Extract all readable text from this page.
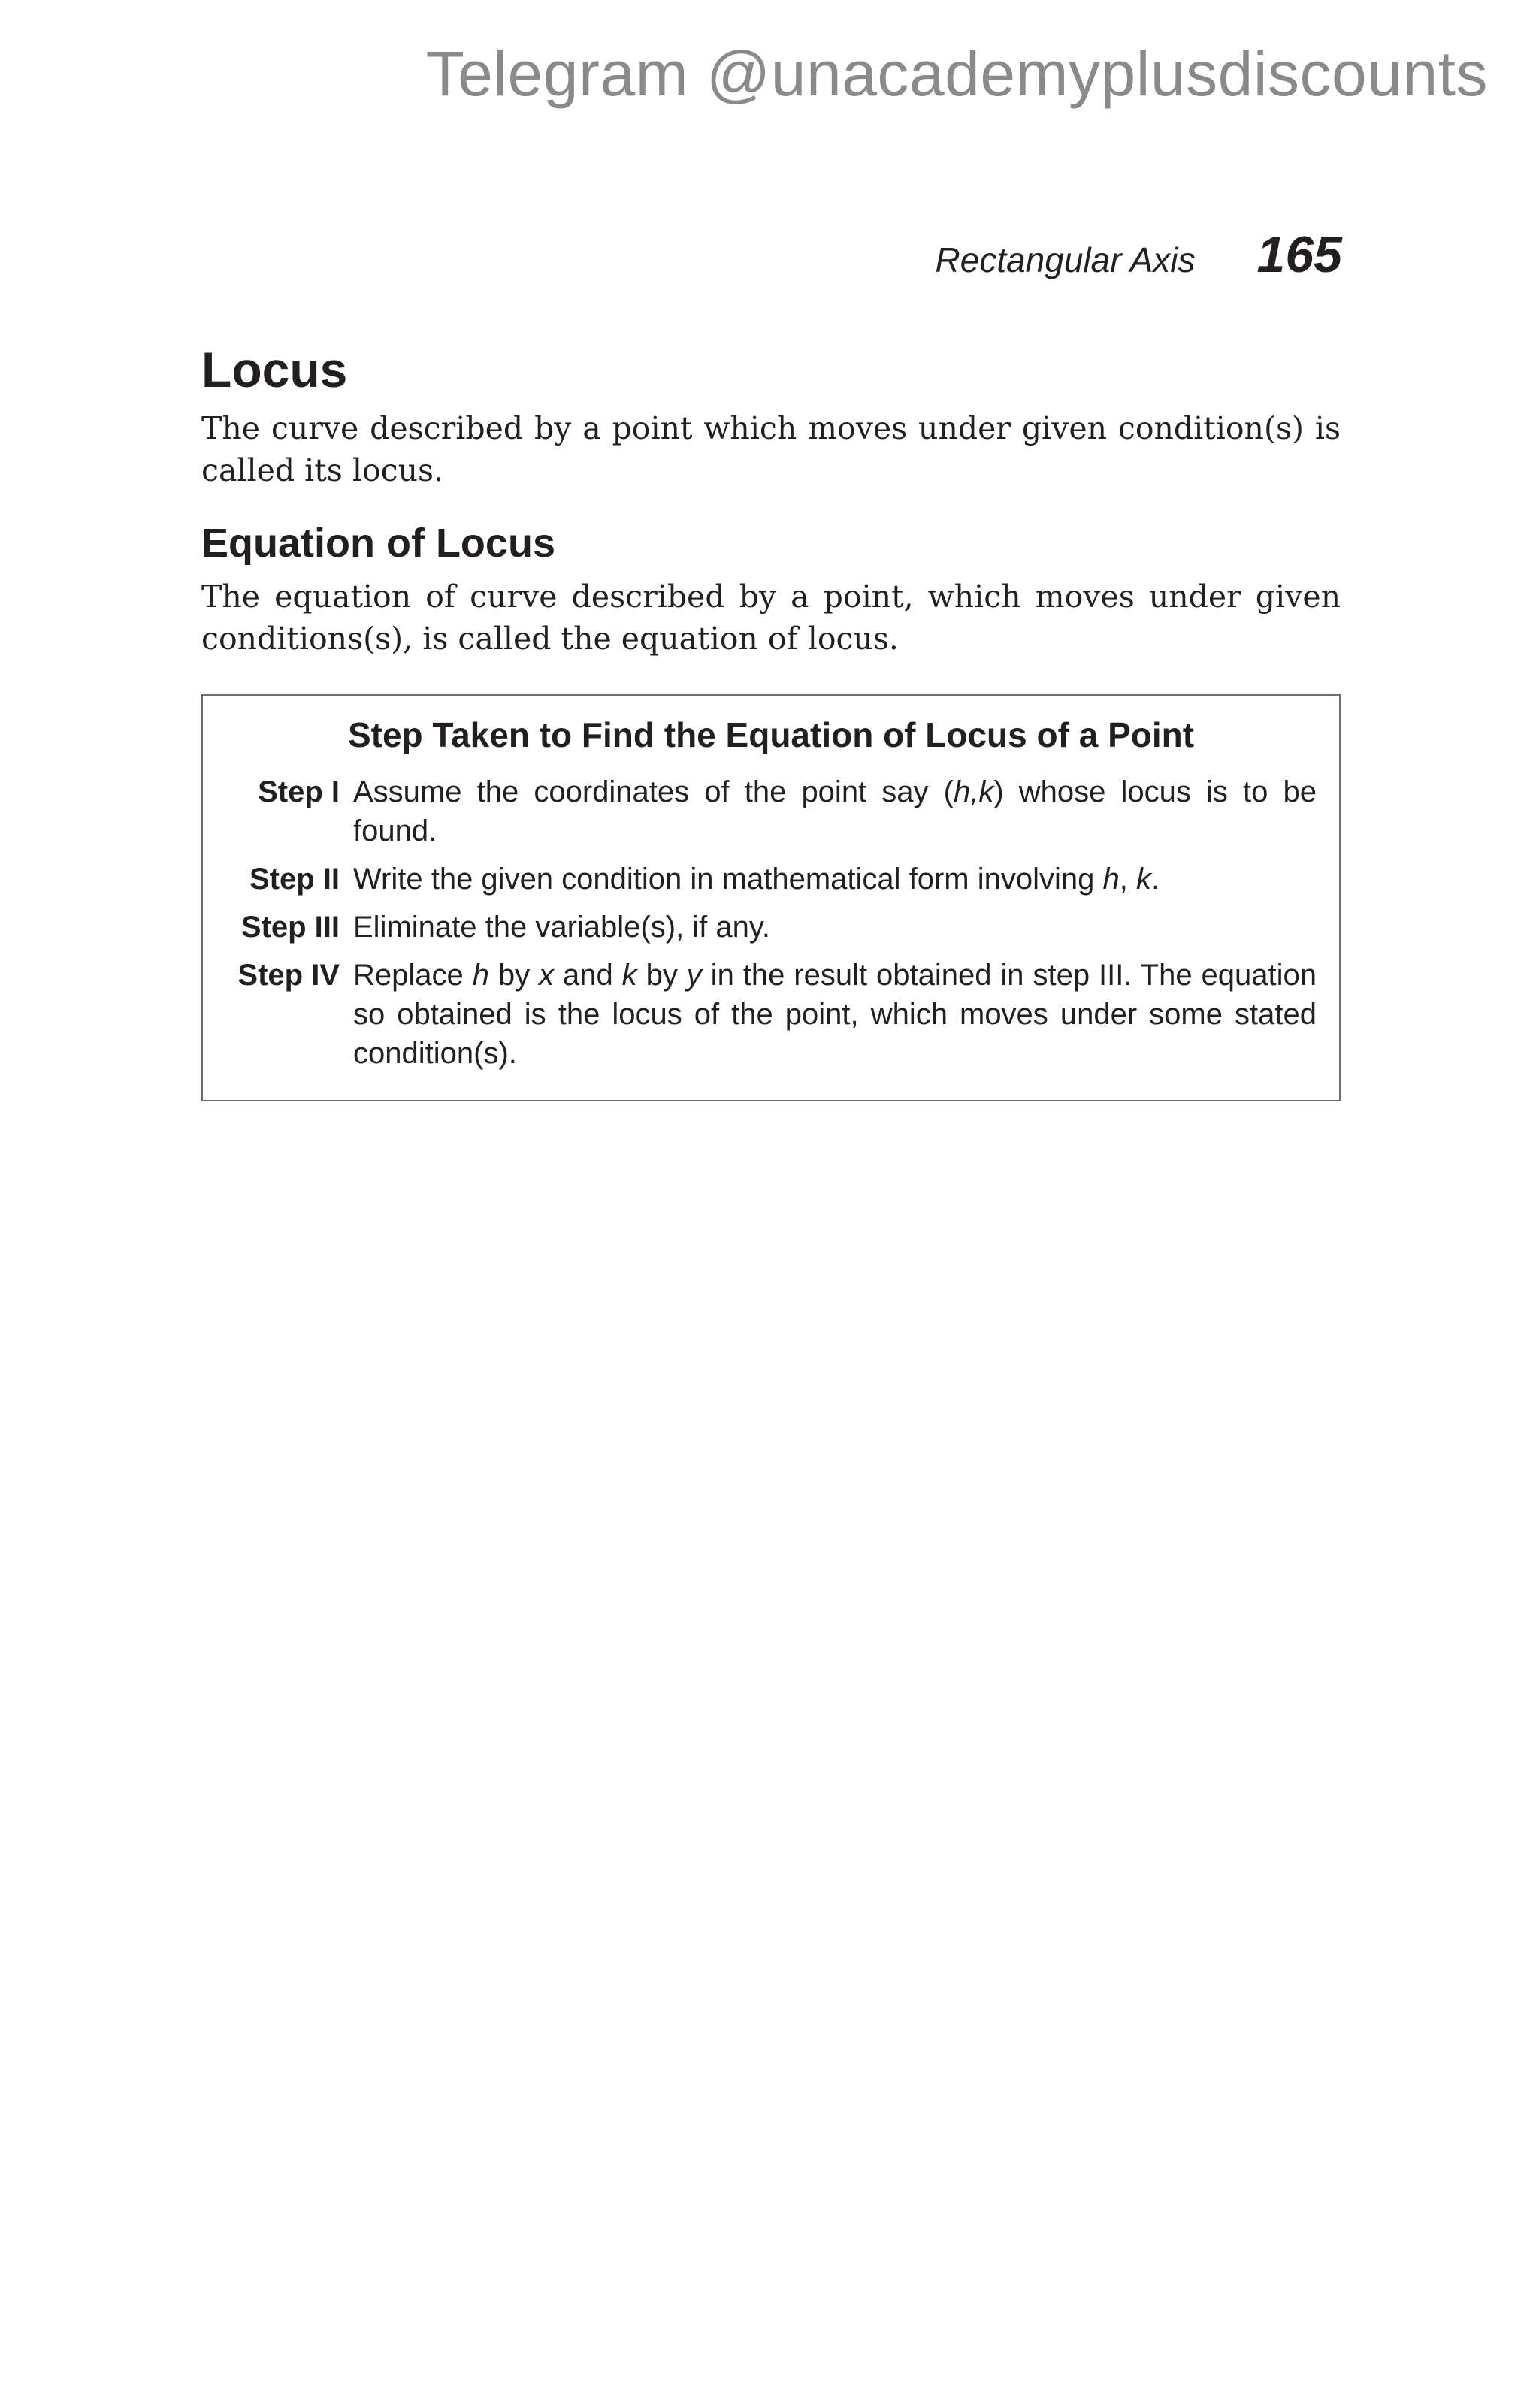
Telegram @unacademyplusdiscounts
Rectangular Axis 165
Locus

The curve described by a point which moves under given condition(s) is called its locus.

Equation of Locus

The equation of curve described by a point, which moves under given conditions(s), is called the equation of locus.

Step Taken to Find the Equation of Locus of a Point
Step I Assume the coordinates of the point say (h,k) whose locus is to be found.
Step II Write the given condition in mathematical form involving h, k.
Step III Eliminate the variable(s), if any.
Step IV Replace h by x and k by y in the result obtained in step III. The equation so obtained is the locus of the point, which moves under some stated condition(s).
